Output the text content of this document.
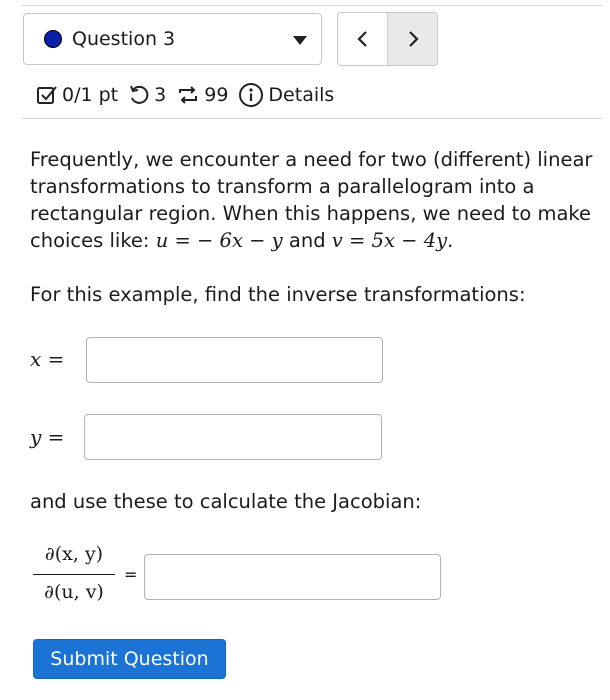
Question 3
0/1 pt 3 99 Details
Frequently, we encounter a need for two (different) linear transformations to transform a parallelogram into a rectangular region. When this happens, we need to make choices like: u = − 6x − y and v = 5x − 4y.
For this example, find the inverse transformations:
x =
y =
and use these to calculate the Jacobian:
∂(x, y)
∂(u, v)
=
Submit Question
